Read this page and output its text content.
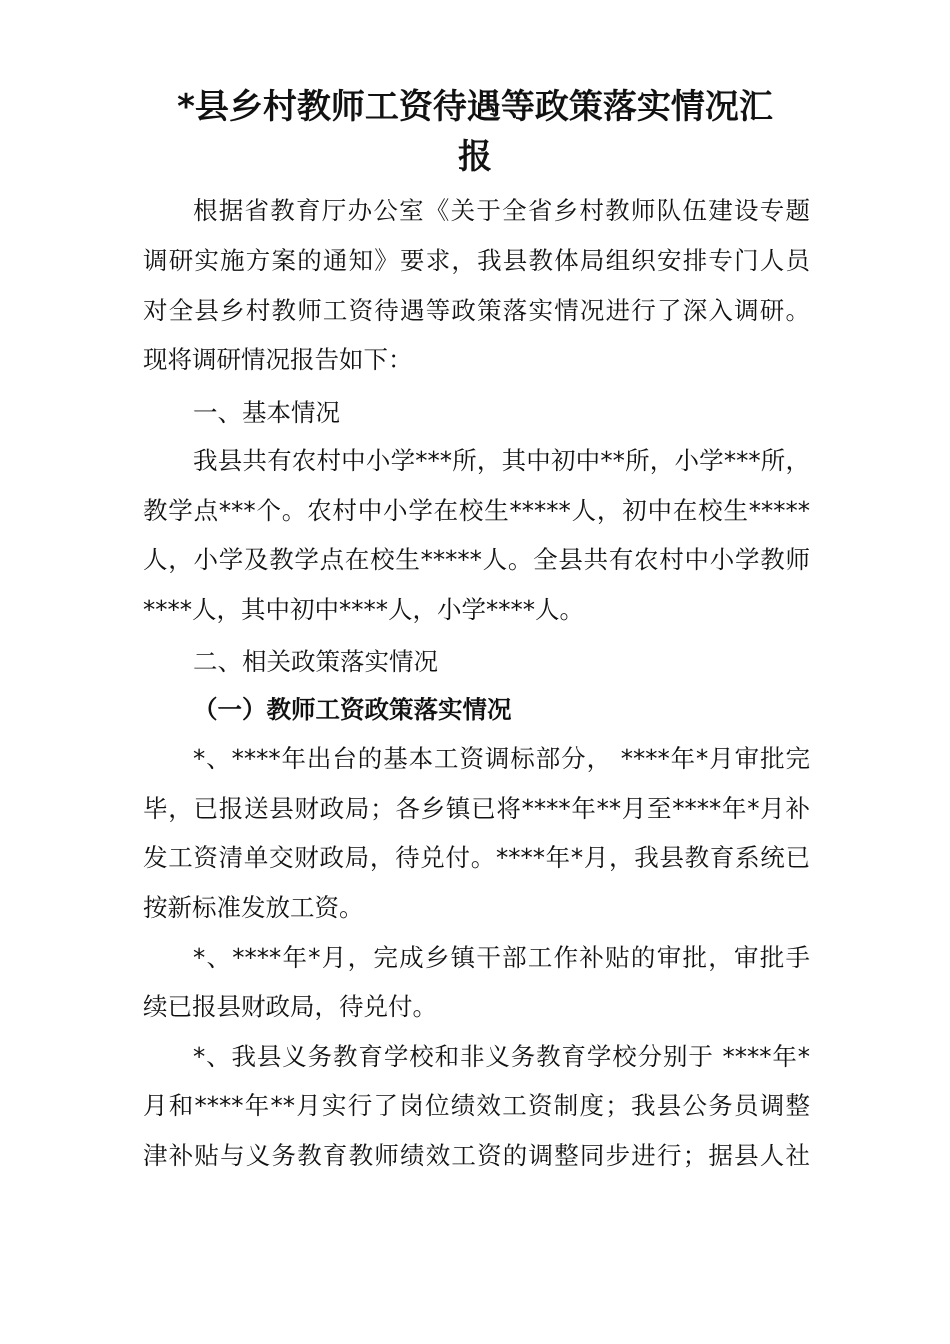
*县乡村教师工资待遇等政策落实情况汇
报
根据省教育厅办公室《关于全省乡村教师队伍建设专题
调研实施方案的通知》要求，我县教体局组织安排专门人员
对全县乡村教师工资待遇等政策落实情况进行了深入调研。
现将调研情况报告如下：
一、基本情况
我县共有农村中小学***所，其中初中**所，小学***所，
教学点***个。农村中小学在校生*****人，初中在校生*****
人，小学及教学点在校生*****人。全县共有农村中小学教师
****人，其中初中****人，小学****人。
二、相关政策落实情况
（一）教师工资政策落实情况
*、****年出台的基本工资调标部分， ****年*月审批完
毕，已报送县财政局；各乡镇已将****年**月至****年*月补
发工资清单交财政局，待兑付。****年*月，我县教育系统已
按新标准发放工资。
*、****年*月，完成乡镇干部工作补贴的审批，审批手
续已报县财政局，待兑付。
*、我县义务教育学校和非义务教育学校分别于 ****年*
月和****年**月实行了岗位绩效工资制度；我县公务员调整
津补贴与义务教育教师绩效工资的调整同步进行；据县人社
